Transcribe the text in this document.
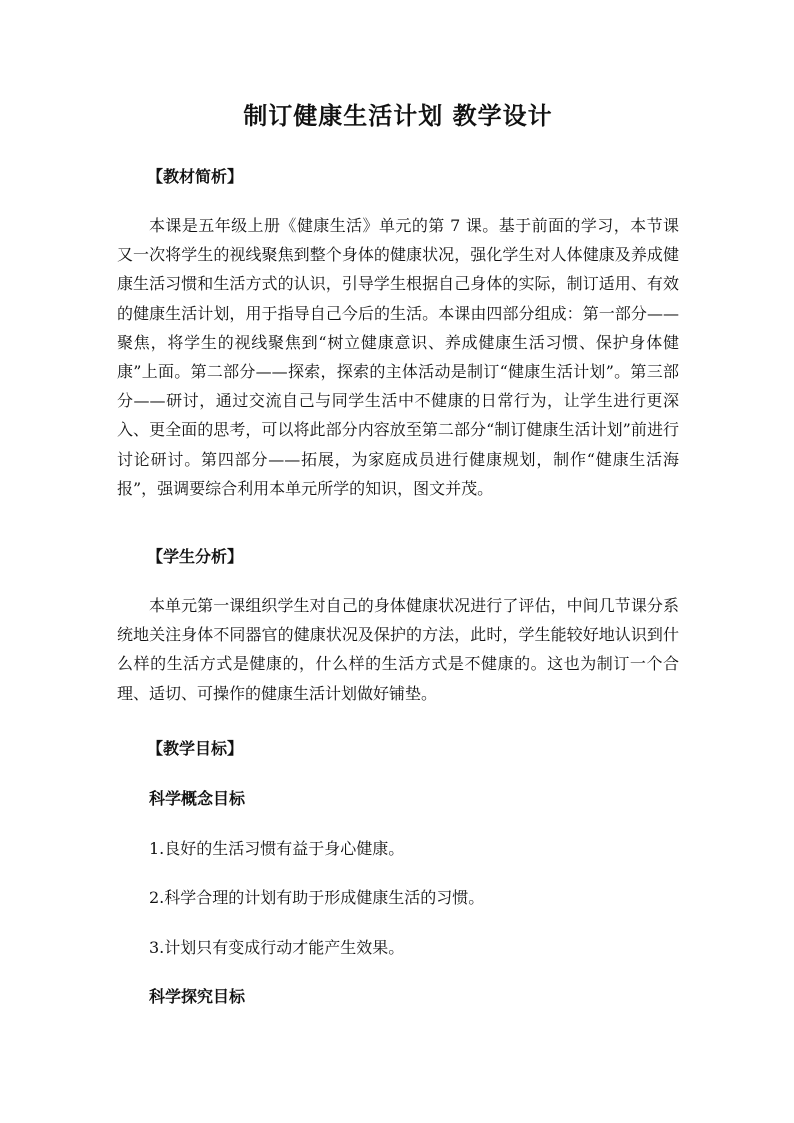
制订健康生活计划 教学设计
【教材简析】

本课是五年级上册《健康生活》单元的第 7 课。基于前面的学习，本节课又一次将学生的视线聚焦到整个身体的健康状况，强化学生对人体健康及养成健康生活习惯和生活方式的认识，引导学生根据自己身体的实际，制订适用、有效的健康生活计划，用于指导自己今后的生活。本课由四部分组成：第一部分——聚焦，将学生的视线聚焦到“树立健康意识、养成健康生活习惯、保护身体健康”上面。第二部分——探索，探索的主体活动是制订“健康生活计划”。第三部分——研讨，通过交流自己与同学生活中不健康的日常行为，让学生进行更深入、更全面的思考，可以将此部分内容放至第二部分“制订健康生活计划”前进行讨论研讨。第四部分——拓展，为家庭成员进行健康规划，制作“健康生活海报”，强调要综合利用本单元所学的知识，图文并茂。

【学生分析】

本单元第一课组织学生对自己的身体健康状况进行了评估，中间几节课分系统地关注身体不同器官的健康状况及保护的方法，此时，学生能较好地认识到什么样的生活方式是健康的，什么样的生活方式是不健康的。这也为制订一个合理、适切、可操作的健康生活计划做好铺垫。

【教学目标】
科学概念目标

1.良好的生活习惯有益于身心健康。

2.科学合理的计划有助于形成健康生活的习惯。

3.计划只有变成行动才能产生效果。

科学探究目标
